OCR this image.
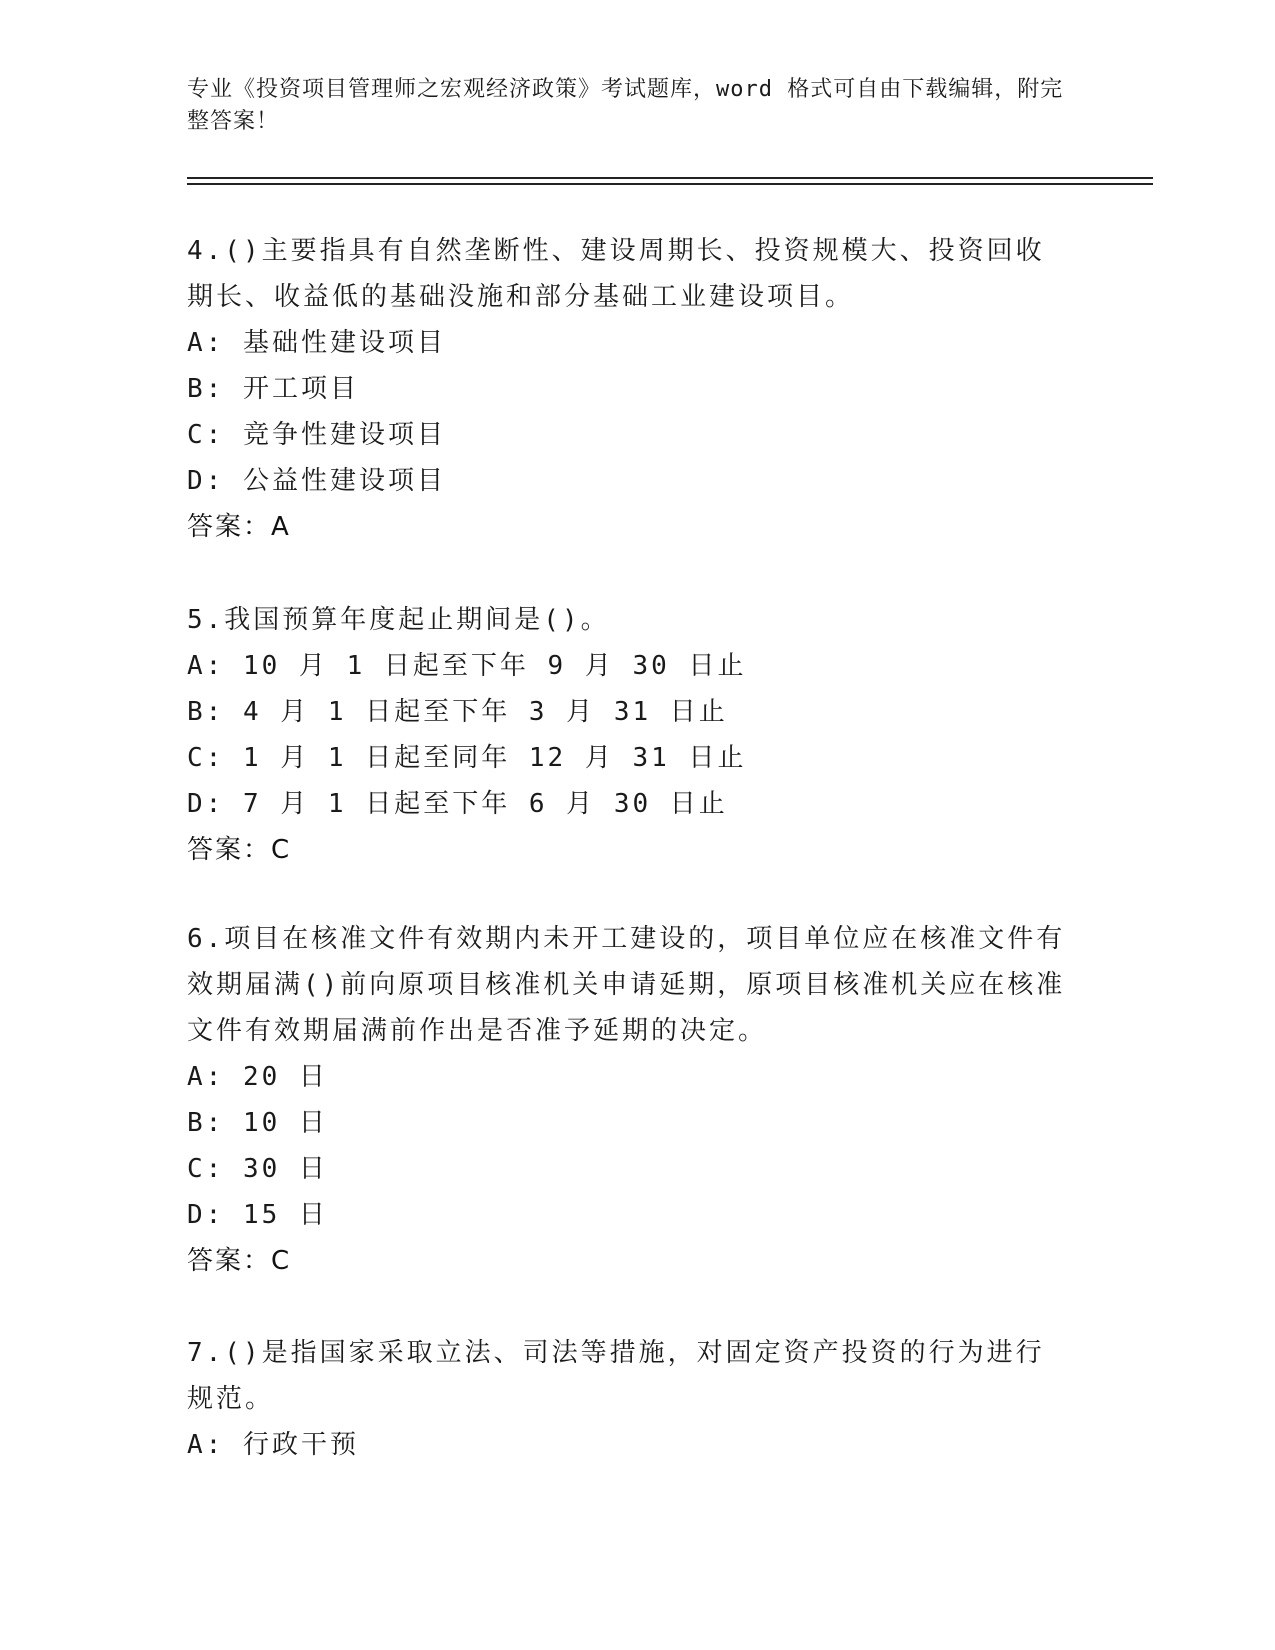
专业《投资项目管理师之宏观经济政策》考试题库，word 格式可自由下载编辑，附完整答案！

4.()主要指具有自然垄断性、建设周期长、投资规模大、投资回收期长、收益低的基础没施和部分基础工业建设项目。

A: 基础性建设项目

B: 开工项目

C: 竞争性建设项目

D: 公益性建设项目

答案：A

5.我国预算年度起止期间是()。

A: 10 月 1 日起至下年 9 月 30 日止

B: 4 月 1 日起至下年 3 月 31 日止

C: 1 月 1 日起至同年 12 月 31 日止

D: 7 月 1 日起至下年 6 月 30 日止

答案：C

6.项目在核准文件有效期内未开工建设的，项目单位应在核准文件有效期届满()前向原项目核准机关申请延期，原项目核准机关应在核准文件有效期届满前作出是否准予延期的决定。

A: 20 日

B: 10 日

C: 30 日

D: 15 日

答案：C

7.()是指国家采取立法、司法等措施，对固定资产投资的行为进行规范。

A: 行政干预
